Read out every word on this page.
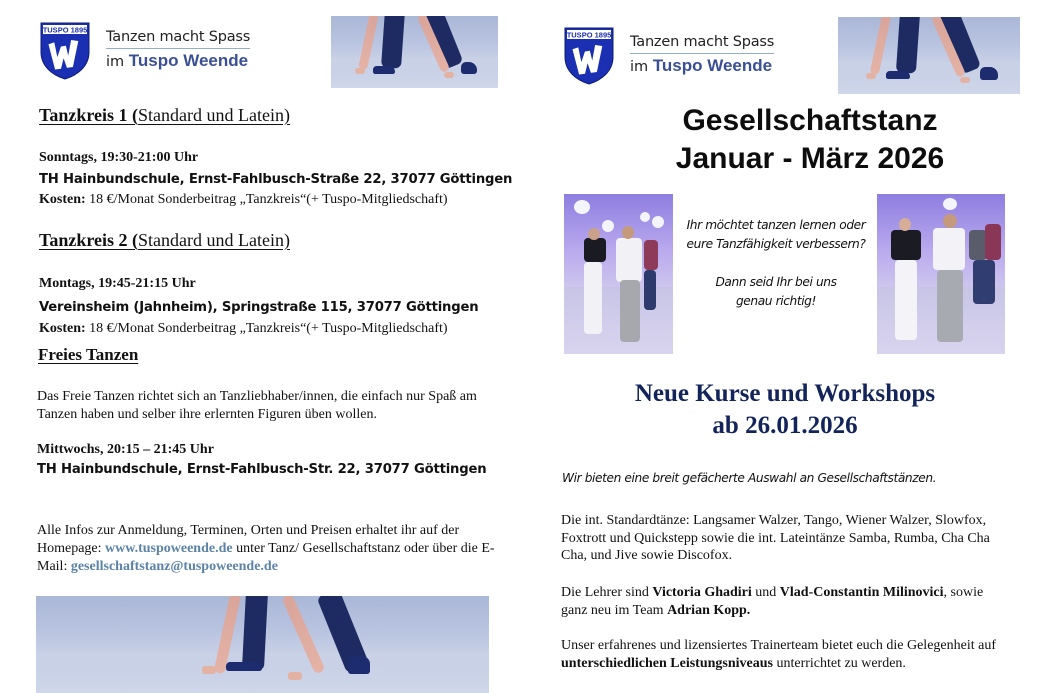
TUSPO 1895 Tanzen macht Spass
im Tuspo Weende
Tanzkreis 1 (Standard und Latein)
Sonntags, 19:30-21:00 Uhr
TH Hainbundschule, Ernst-Fahlbusch-Straße 22, 37077 Göttingen
Kosten: 18 €/Monat Sonderbeitrag „Tanzkreis“(+ Tuspo-Mitgliedschaft)
Tanzkreis 2 (Standard und Latein)
Montags, 19:45-21:15 Uhr
Vereinsheim (Jahnheim), Springstraße 115, 37077 Göttingen
Kosten: 18 €/Monat Sonderbeitrag „Tanzkreis“(+ Tuspo-Mitgliedschaft)
Freies Tanzen
Das Freie Tanzen richtet sich an Tanzliebhaber/innen, die einfach nur Spaß am Tanzen haben und selber ihre erlernten Figuren üben wollen.
Mittwochs, 20:15 – 21:45 Uhr
TH Hainbundschule, Ernst-Fahlbusch-Str. 22, 37077 Göttingen
Alle Infos zur Anmeldung, Terminen, Orten und Preisen erhaltet ihr auf der Homepage: www.tuspoweende.de unter Tanz/ Gesellschaftstanz oder über die E-Mail: gesellschaftstanz@tuspoweende.de
TUSPO 1895 Tanzen macht Spass
im Tuspo Weende
Gesellschaftstanz
Januar - März 2026
Ihr möchtet tanzen lernen oder eure Tanzfähigkeit verbessern?
Dann seid Ihr bei uns genau richtig!
Neue Kurse und Workshops
ab 26.01.2026
Wir bieten eine breit gefächerte Auswahl an Gesellschaftstänzen.
Die int. Standardtänze: Langsamer Walzer, Tango, Wiener Walzer, Slowfox, Foxtrott und Quickstepp sowie die int. Lateintänze Samba, Rumba, Cha Cha Cha, und Jive sowie Discofox.
Die Lehrer sind Victoria Ghadiri und Vlad-Constantin Milinovici, sowie ganz neu im Team Adrian Kopp.
Unser erfahrenes und lizensiertes Trainerteam bietet euch die Gelegenheit auf unterschiedlichen Leistungsniveaus unterrichtet zu werden.
